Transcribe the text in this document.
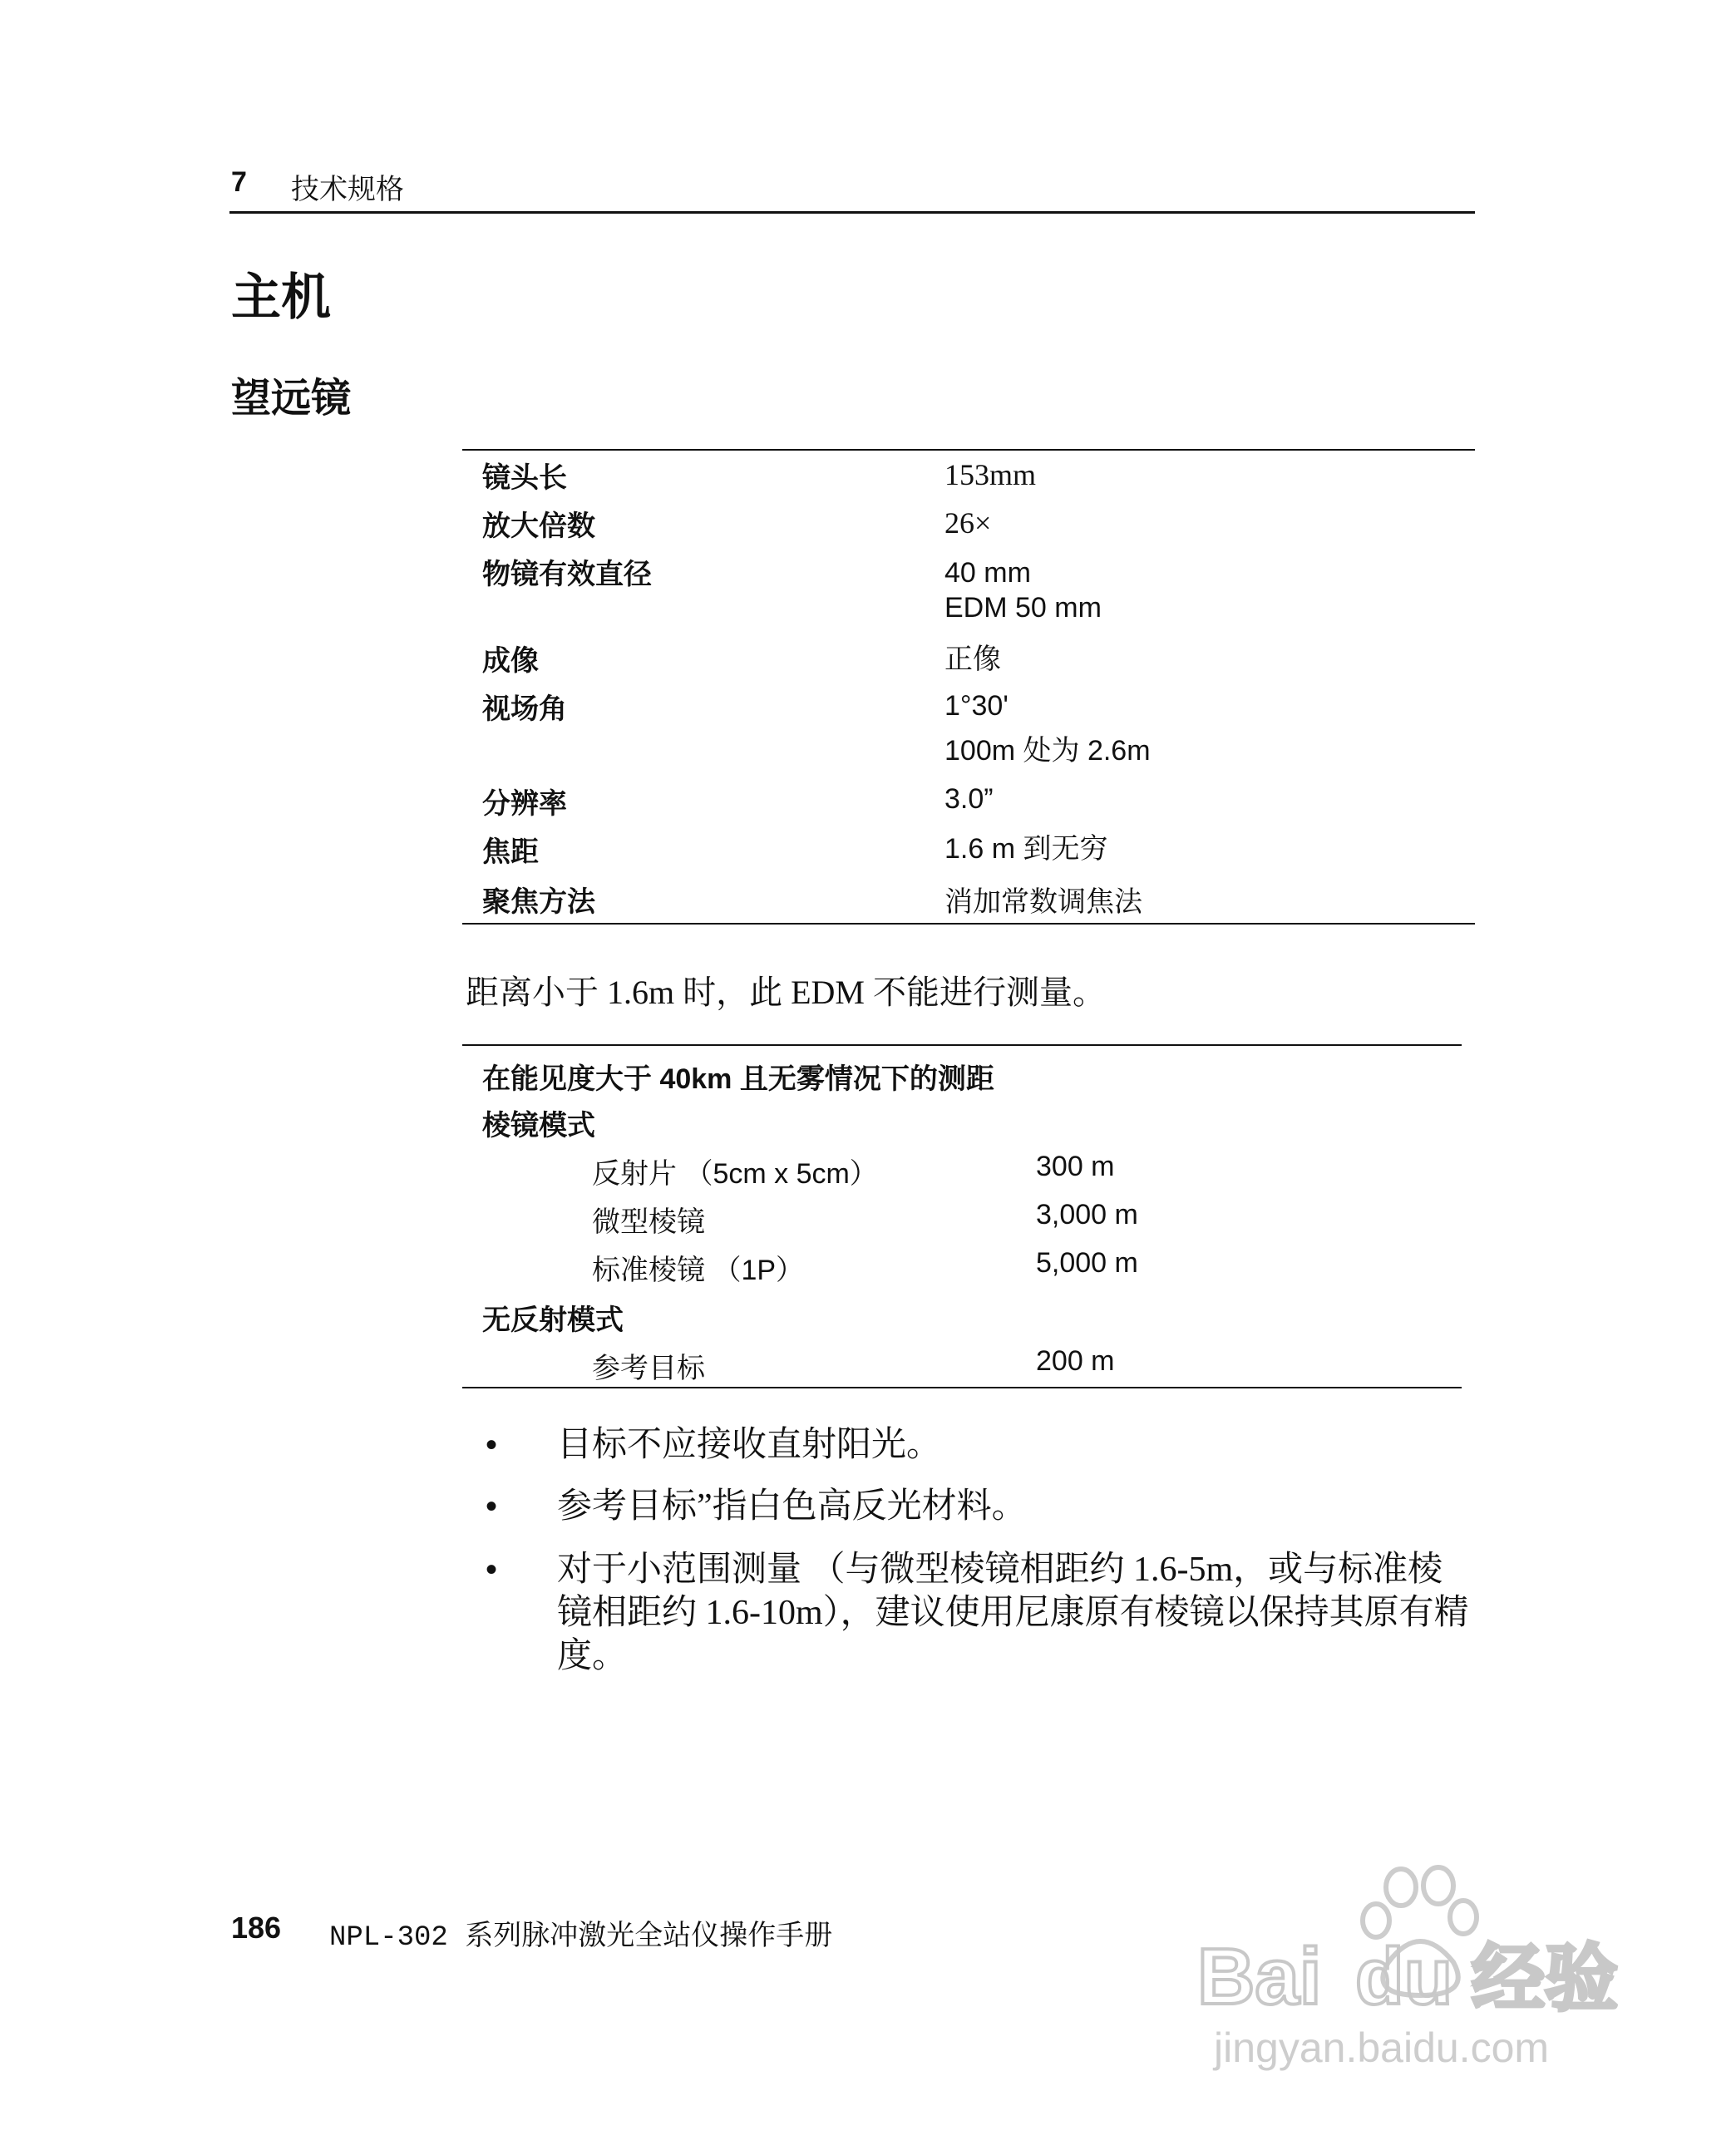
7 技术规格
主机
望远镜
镜头长	153mm
放大倍数	26×
物镜有效直径	40 mm
EDM 50 mm
成像	正像
视场角	1°30'
100m 处为 2.6m
分辨率	3.0”
焦距	1.6 m 到无穷
聚焦方法	消加常数调焦法
距离小于 1.6m 时，此 EDM 不能进行测量。
在能见度大于 40km 且无雾情况下的测距
棱镜模式
反射片 （5cm x 5cm）	300 m
微型棱镜	3,000 m
标准棱镜 （1P）	5,000 m
无反射模式
参考目标	200 m
• 目标不应接收直射阳光。
• 参考目标”指白色高反光材料。
• 对于小范围测量 （与微型棱镜相距约 1.6-5m，或与标准棱镜相距约 1.6-10m），建议使用尼康原有棱镜以保持其原有精度。
186 NPL-302 系列脉冲激光全站仪操作手册	Bai du 经验
jingyan.baidu.com
